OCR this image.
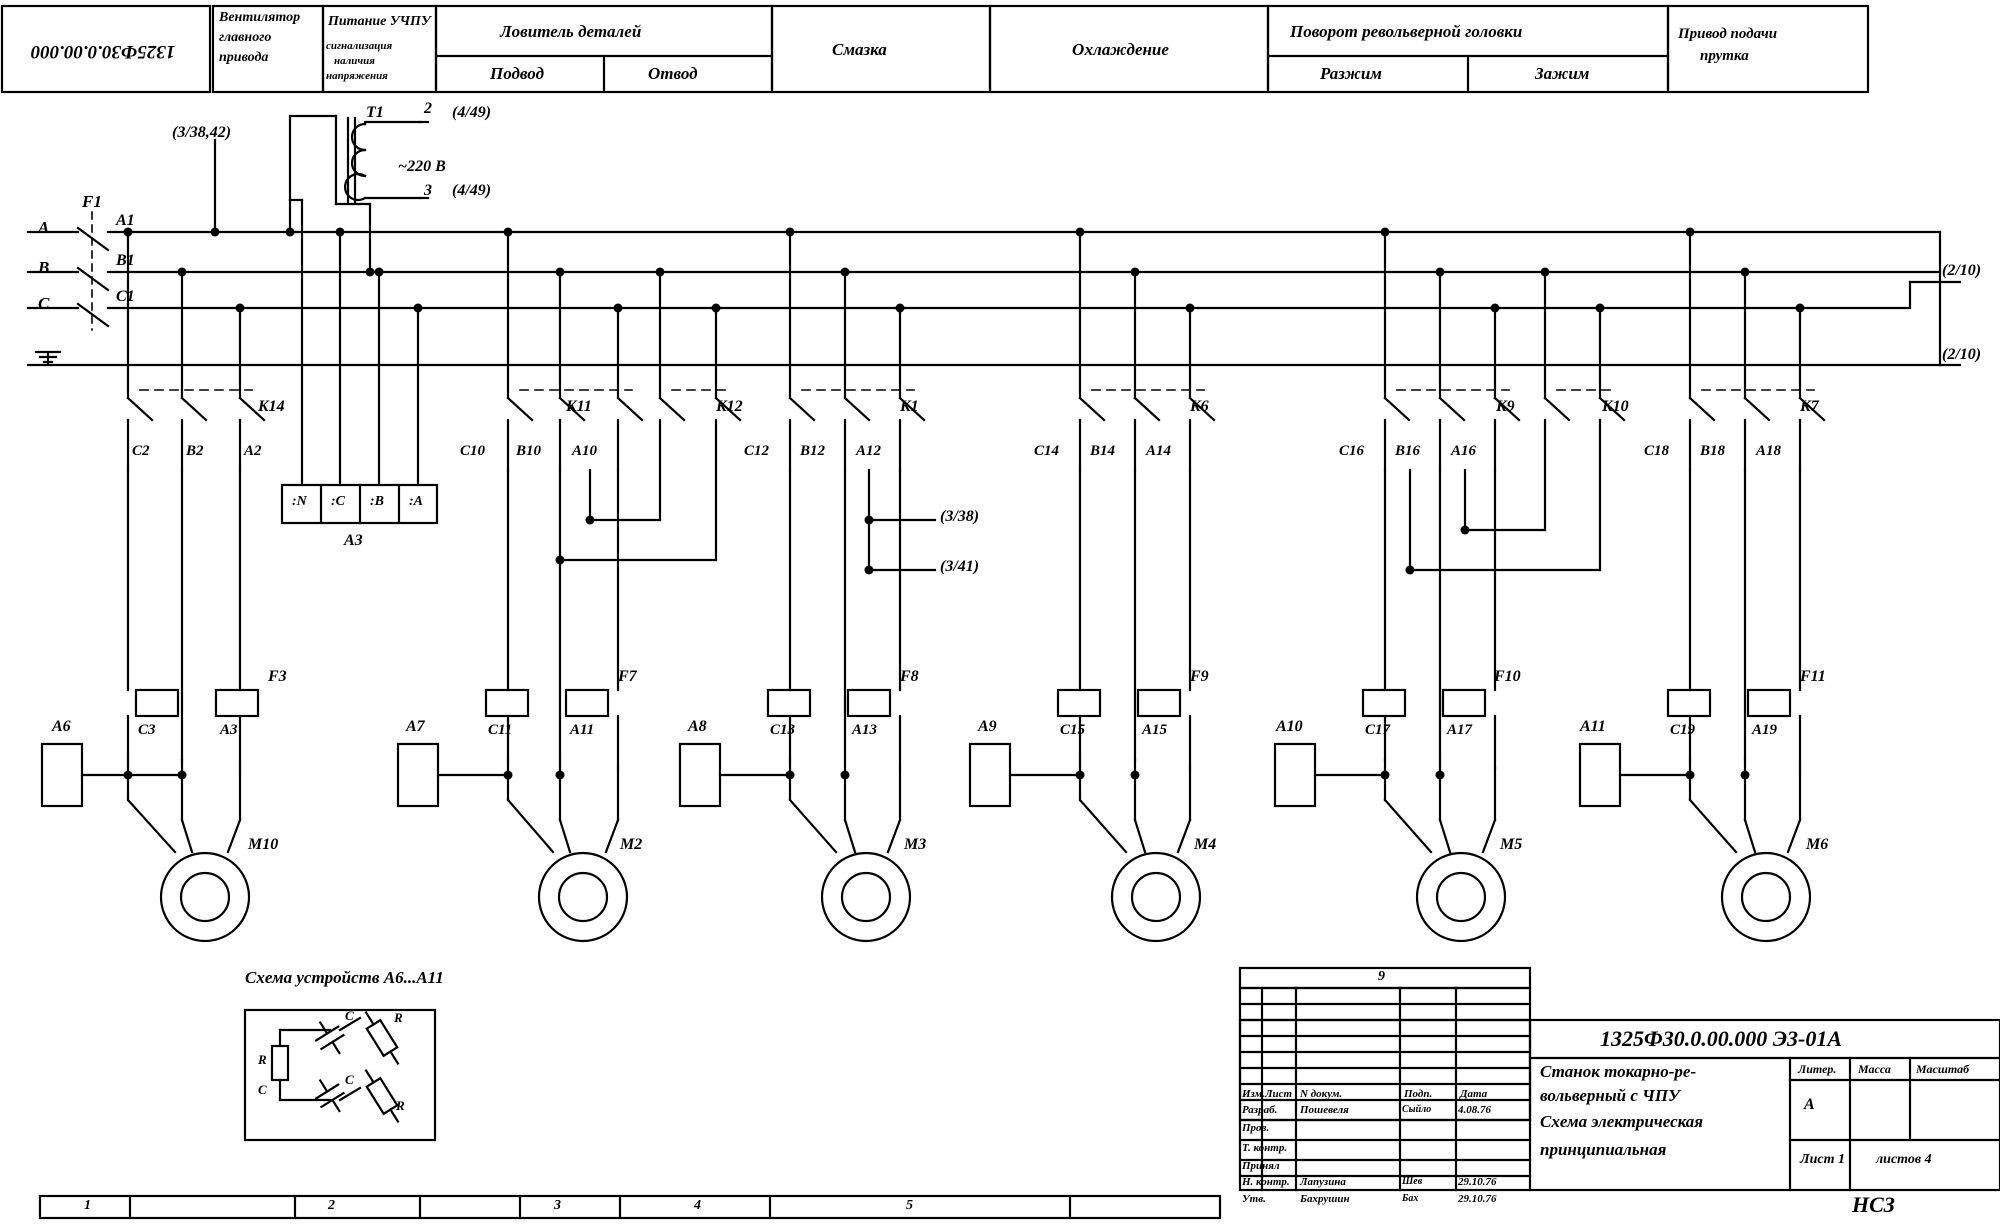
1325Ф30.0.00.000
Вентилятор
главного
привода
Питание УЧПУ
сигнализация
наличия
напряжения
Ловитель деталей
Подвод	Отвод
Смазка	Охлаждение
Поворот револьверной головки
Разжим	Зажим
Привод подачи
прутка
A
B
C
F1
A1
B1
C1
(3/38,42)
(2/10)
(2/10)
T1	2 (4/49)
3 (4/49)
~220 В
K14	K11	K12	K1	K6	K9	K10	K7
C2 B2	A2	C10 B10 A10	C12 B12 A12	C14 B14 A14	C16 B16 A16	C18 B18 A18
:N :C :B :A
A3
(3/38)
(3/41)
A6
F3
C3	A3
M10
A7
F7
C11	A11
M2
A8
F8
C13	A13
M3
A9
F9
C15	A15
M4
A10
F10
C17	A17
M5
A11
F11
C19	A19
M6
Схема устройств A6...A11
C	R
R
C
C
R
9
Изм. Лист N докум.	Подп.	Дата
Разраб. Пошевеля	Сыйло 4.08.76
Пров.
Т. контр.
Принял
Н. контр. Лапузина	Шев	29.10.76
Утв.	Бахрушин	Бах	29.10.76
1325Ф30.0.00.000 Э3-01А
Станок токарно-ре-
вольверный с ЧПУ
Схема электрическая
принципиальная
Литер. Масса Масштаб
А
Лист 1 листов 4
НСЗ
1	2	3	4	5
